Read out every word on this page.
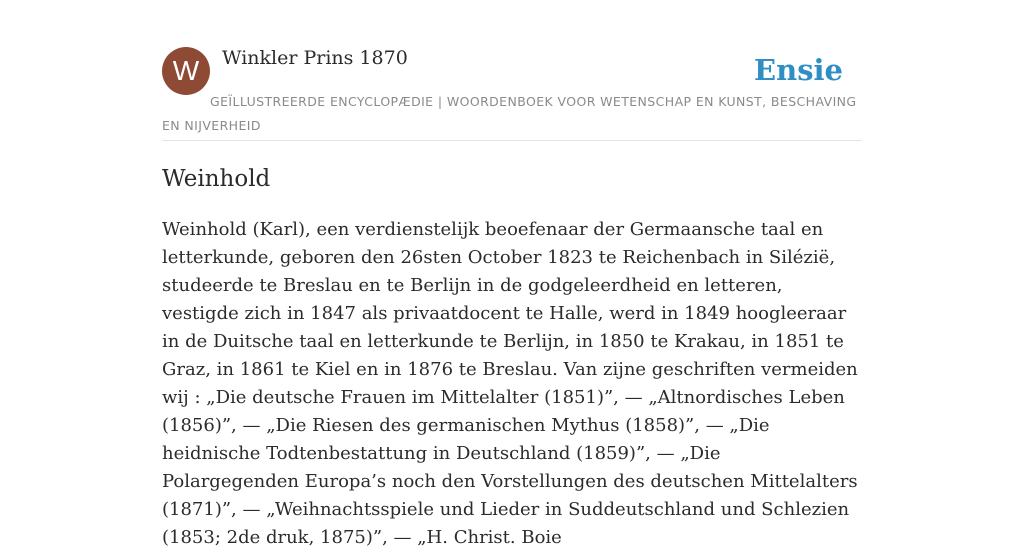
W	Winkler Prins 1870	Ensie
GEÏLLUSTREERDE ENCYCLOPÆDIE | WOORDENBOEK VOOR WETENSCHAP EN KUNST, BESCHAVING EN NIJVERHEID
Weinhold

Weinhold (Karl), een verdienstelijk beoefenaar der Germaansche taal en letterkunde, geboren den 26sten October 1823 te Reichenbach in Silézië, studeerde te Breslau en te Berlijn in de godgeleerdheid en letteren, vestigde zich in 1847 als privaatdocent te Halle, werd in 1849 hoogleeraar in de Duitsche taal en letterkunde te Berlijn, in 1850 te Krakau, in 1851 te Graz, in 1861 te Kiel en in 1876 te Breslau. Van zijne geschriften vermeiden wij : „Die deutsche Frauen im Mittelalter (1851)”, — „Altnordisches Leben (1856)”, — „Die Riesen des germanischen Mythus (1858)”, — „Die heidnische Todtenbestattung in Deutschland (1859)”, — „Die Polargegenden Europa’s noch den Vorstellungen des deutschen Mittelalters (1871)”, — „Weihnachtsspiele und Lieder in Suddeutschland und Schlezien (1853; 2de druk, 1875)”, — „H. Christ. Boie
